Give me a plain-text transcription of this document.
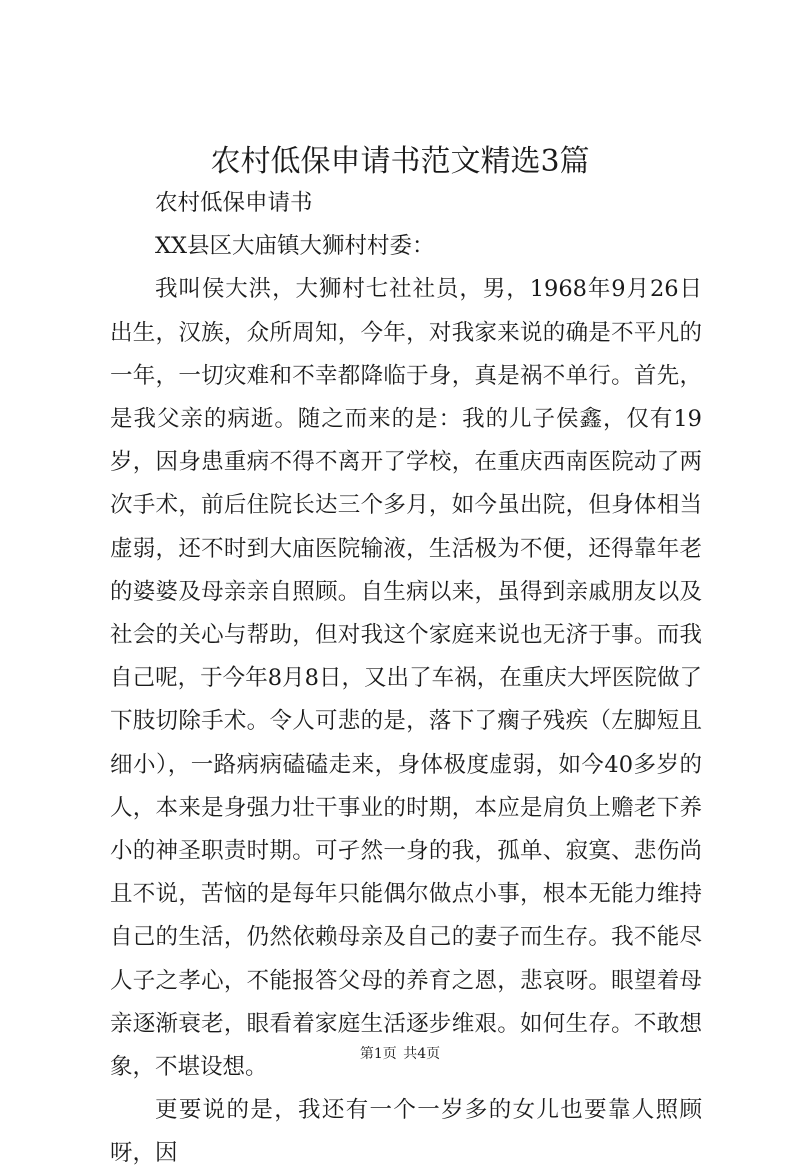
农村低保申请书范文精选3篇

农村低保申请书

XX县区大庙镇大狮村村委：

我叫侯大洪，大狮村七社社员，男，1968年9月26日出生，汉族，众所周知，今年，对我家来说的确是不平凡的一年，一切灾难和不幸都降临于身，真是祸不单行。首先，是我父亲的病逝。随之而来的是：我的儿子侯鑫，仅有19岁，因身患重病不得不离开了学校，在重庆西南医院动了两次手术，前后住院长达三个多月，如今虽出院，但身体相当虚弱，还不时到大庙医院输液，生活极为不便，还得靠年老的婆婆及母亲亲自照顾。自生病以来，虽得到亲戚朋友以及社会的关心与帮助，但对我这个家庭来说也无济于事。而我自己呢，于今年8月8日，又出了车祸，在重庆大坪医院做了下肢切除手术。令人可悲的是，落下了瘸子残疾（左脚短且细小），一路病病磕磕走来，身体极度虚弱，如今40多岁的人，本来是身强力壮干事业的时期，本应是肩负上赡老下养小的神圣职责时期。可孑然一身的我，孤单、寂寞、悲伤尚且不说，苦恼的是每年只能偶尔做点小事，根本无能力维持自己的生活，仍然依赖母亲及自己的妻子而生存。我不能尽人子之孝心，不能报答父母的养育之恩，悲哀呀。眼望着母亲逐渐衰老，眼看着家庭生活逐步维艰。如何生存。不敢想象，不堪设想。

更要说的是，我还有一个一岁多的女儿也要靠人照顾呀，因

第1页 共4页
